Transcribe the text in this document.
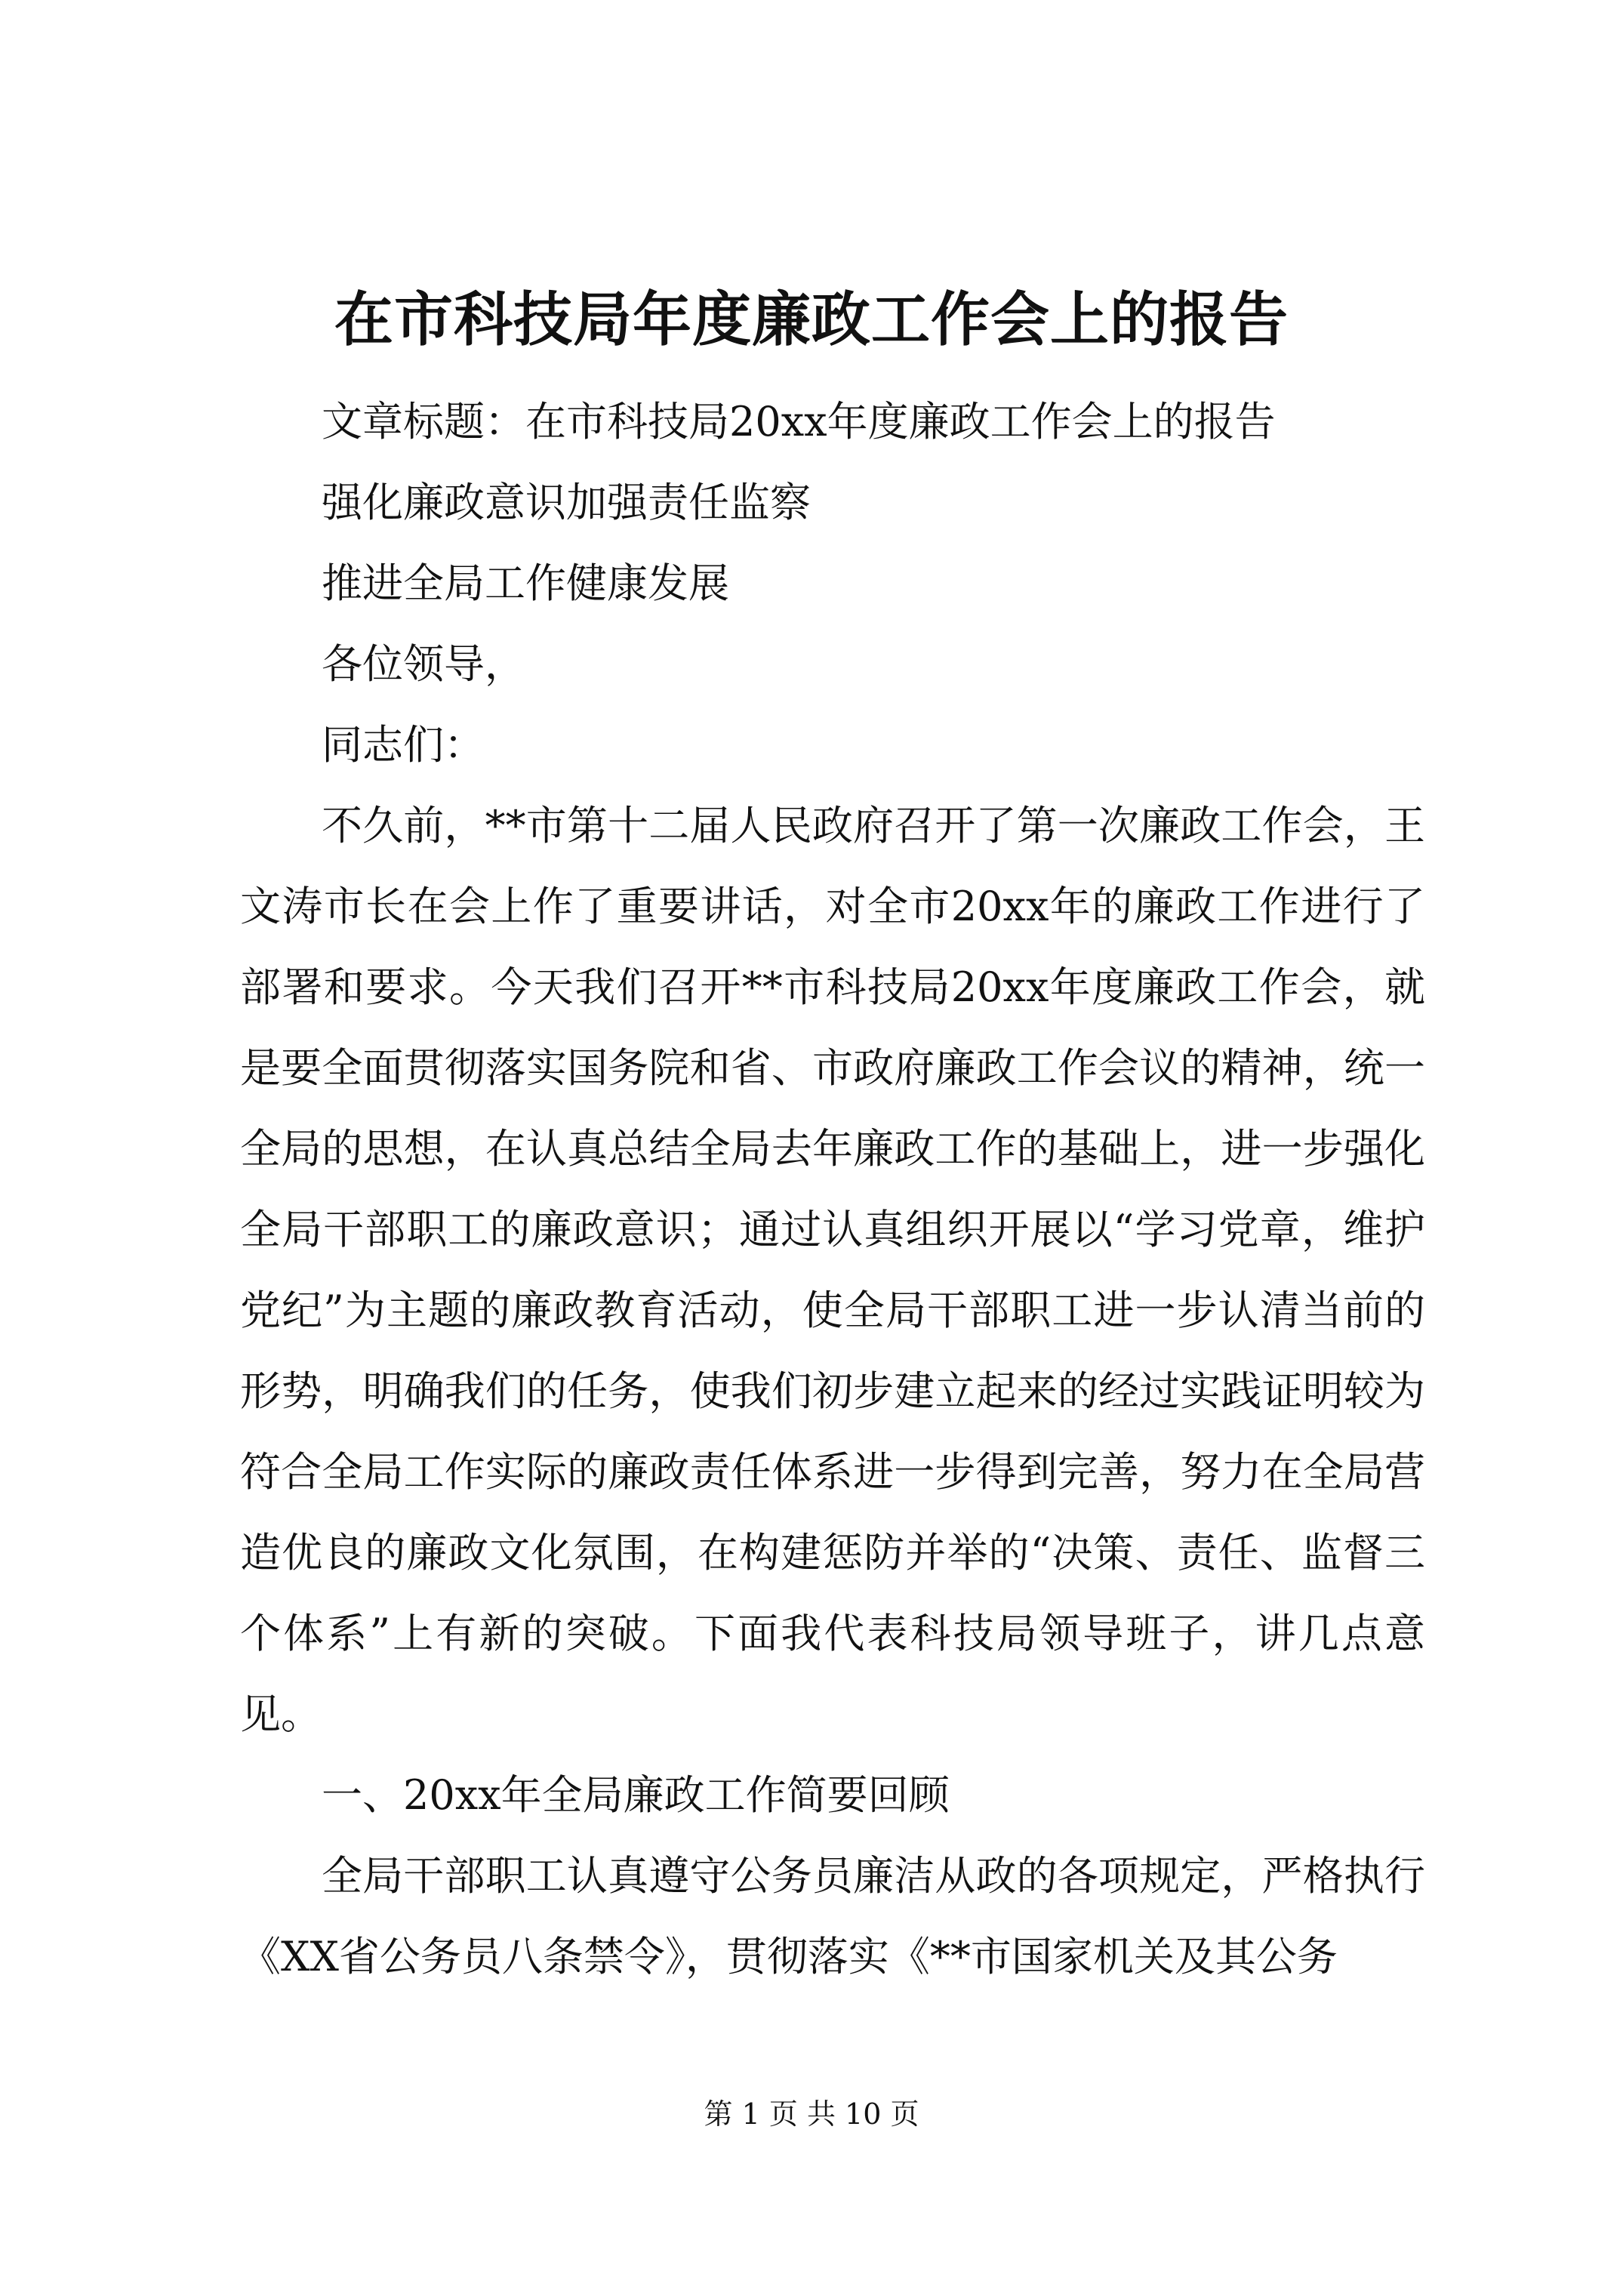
在市科技局年度廉政工作会上的报告

文章标题：在市科技局20xx年度廉政工作会上的报告

强化廉政意识加强责任监察

推进全局工作健康发展

各位领导，

同志们：

不久前，**市第十二届人民政府召开了第一次廉政工作会，王文涛市长在会上作了重要讲话，对全市20xx年的廉政工作进行了部署和要求。今天我们召开**市科技局20xx年度廉政工作会，就是要全面贯彻落实国务院和省、市政府廉政工作会议的精神，统一全局的思想，在认真总结全局去年廉政工作的基础上，进一步强化全局干部职工的廉政意识；通过认真组织开展以“学习党章，维护党纪”为主题的廉政教育活动，使全局干部职工进一步认清当前的形势，明确我们的任务，使我们初步建立起来的经过实践证明较为符合全局工作实际的廉政责任体系进一步得到完善，努力在全局营造优良的廉政文化氛围，在构建惩防并举的“决策、责任、监督三个体系”上有新的突破。下面我代表科技局领导班子，讲几点意见。

一、20xx年全局廉政工作简要回顾

全局干部职工认真遵守公务员廉洁从政的各项规定，严格执行《XX省公务员八条禁令》，贯彻落实《**市国家机关及其公务

第 1 页 共 10 页
